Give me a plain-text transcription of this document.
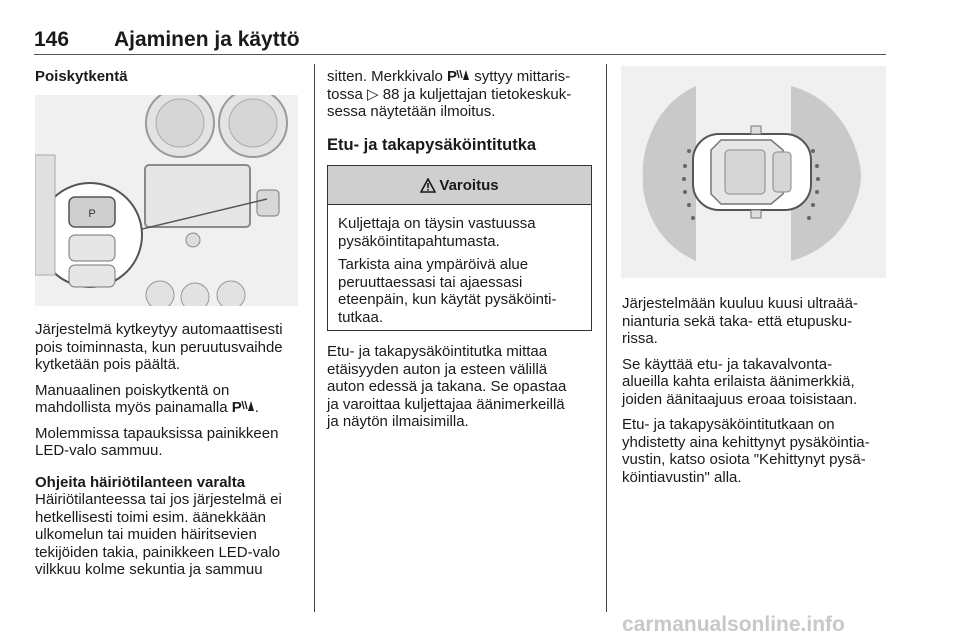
146 Ajaminen ja käyttö
Poiskytkentä
P

Järjestelmä kytkeytyy automaattisesti
pois toiminnasta, kun peruutusvaihde
kytketään pois päältä.

Manuaalinen poiskytkentä on
mahdollista myös painamalla P .

Molemmissa tapauksissa painikkeen
LED-valo sammuu.

Ohjeita häiriötilanteen varalta

Häiriötilanteessa tai jos järjestelmä ei
hetkellisesti toimi esim. äänekkään
ulkomelun tai muiden häiritsevien
tekijöiden takia, painikkeen LED-valo
vilkkuu kolme sekuntia ja sammuu

sitten. Merkkivalo P syttyy mittaris-
tossa ▷ 88 ja kuljettajan tietokeskuk-
sessa näytetään ilmoitus.

Etu- ja takapysäköintitutka
Varoitus

Kuljettaja on täysin vastuussa
pysäköintitapahtumasta.

Tarkista aina ympäröivä alue
peruuttaessasi tai ajaessasi
eteenpäin, kun käytät pysäköinti-
tutkaa.

Etu- ja takapysäköintitutka mittaa
etäisyyden auton ja esteen välillä
auton edessä ja takana. Se opastaa
ja varoittaa kuljettajaa äänimerkeillä
ja näytön ilmaisimilla.

Järjestelmään kuuluu kuusi ultraää-
nianturia sekä taka- että etupusku-
rissa.

Se käyttää etu- ja takavalvonta-
alueilla kahta erilaista äänimerkkiä,
joiden äänitaajuus eroaa toisistaan.

Etu- ja takapysäköintitutkaan on
yhdistetty aina kehittynyt pysäköintia-
vustin, katso osiota "Kehittynyt pysä-
köintiavustin" alla.

carmanualsonline.info
